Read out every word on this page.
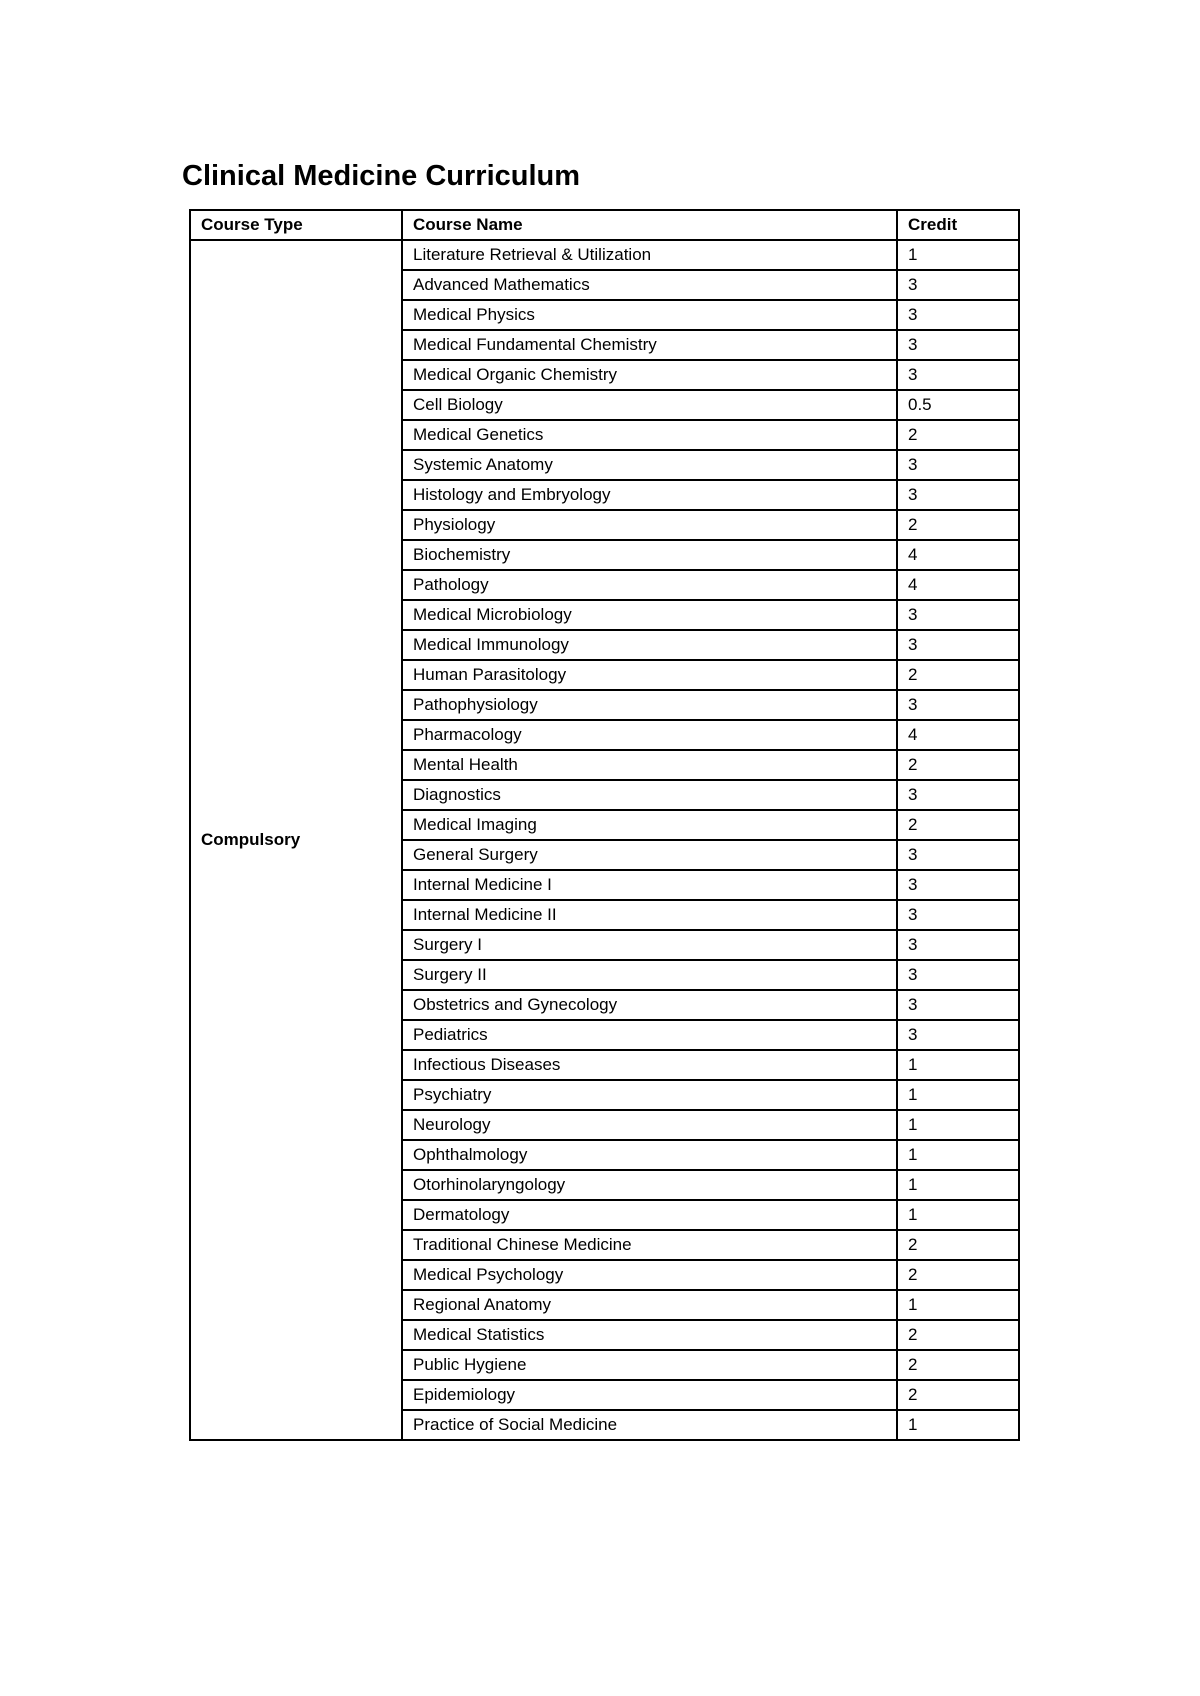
Clinical Medicine Curriculum
Course Type	Course Name	Credit
Compulsory	Literature Retrieval & Utilization	1
	Advanced Mathematics	3
	Medical Physics	3
	Medical Fundamental Chemistry	3
	Medical Organic Chemistry	3
	Cell Biology	0.5
	Medical Genetics	2
	Systemic Anatomy	3
	Histology and Embryology	3
	Physiology	2
	Biochemistry	4
	Pathology	4
	Medical Microbiology	3
	Medical Immunology	3
	Human Parasitology	2
	Pathophysiology	3
	Pharmacology	4
	Mental Health	2
	Diagnostics	3
	Medical Imaging	2
	General Surgery	3
	Internal Medicine I	3
	Internal Medicine II	3
	Surgery I	3
	Surgery II	3
	Obstetrics and Gynecology	3
	Pediatrics	3
	Infectious Diseases	1
	Psychiatry	1
	Neurology	1
	Ophthalmology	1
	Otorhinolaryngology	1
	Dermatology	1
	Traditional Chinese Medicine	2
	Medical Psychology	2
	Regional Anatomy	1
	Medical Statistics	2
	Public Hygiene	2
	Epidemiology	2
	Practice of Social Medicine	1
